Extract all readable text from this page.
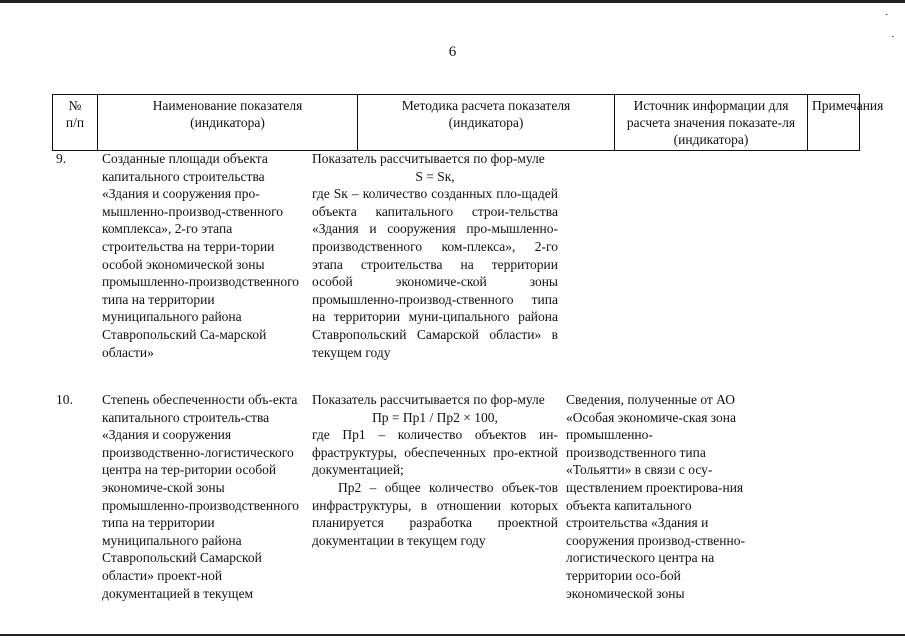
·
·
6
№
п/п
Наименование показателя
(индикатора)
Методика расчета показателя
(индикатора)
Источник информации для расчета значения показате-ля (индикатора)
Примечания
9.	Созданные площади объекта капитального строительства «Здания и сооружения про-мышленно-производ-ственного комплекса», 2-го этапа строительства на терри-тории особой экономической зоны промышленно-производственного типа на территории муниципального района Ставропольский Са-марской области»

Показатель рассчитывается по фор-муле

S = Sк,

где Sк – количество созданных пло-щадей объекта капитального строи-тельства «Здания и сооружения про-мышленно-производственного ком-плекса», 2-го этапа строительства на территории особой экономиче-ской зоны промышленно-производ-ственного типа на территории муни-ципального района Ставропольский Самарской области» в текущем году

10.	Степень обеспеченности объ-екта капитального строитель-ства «Здания и сооружения производственно-логистического центра на тер-ритории особой экономиче-ской зоны промышленно-производственного типа на территории муниципального района Ставропольский Самарской области» проект-ной документацией в текущем

Показатель рассчитывается по фор-муле

Пр = Пр1 / Пр2 × 100,

где Пр1 – количество объектов ин-фраструктуры, обеспеченных про-ектной документацией;

Пр2 – общее количество объек-тов инфраструктуры, в отношении которых планируется разработка проектной документации в текущем году

Сведения, полученные от АО «Особая экономиче-ская зона промышленно-производственного типа «Тольятти» в связи с осу-ществлением проектирова-ния объекта капитального строительства «Здания и сооружения производ-ственно-логистического центра на территории осо-бой экономической зоны
